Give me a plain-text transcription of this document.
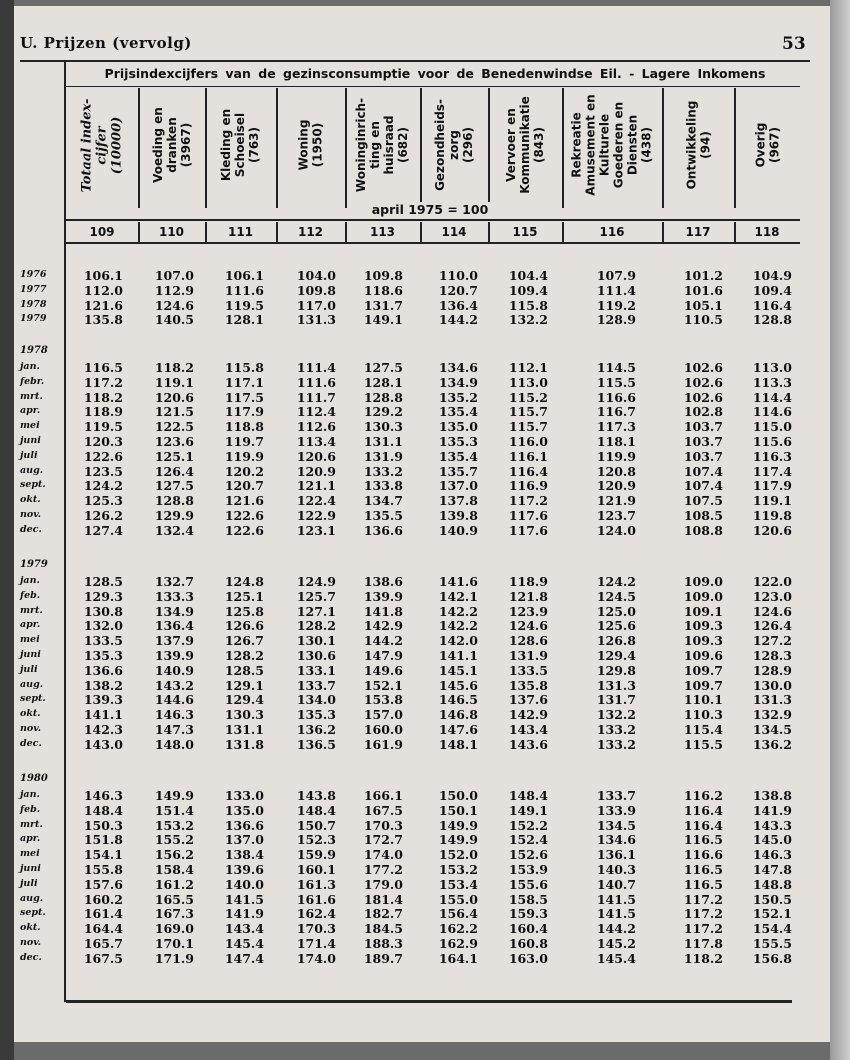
U. Prijzen (vervolg)	53
Prijsindexcijfers van de gezinsconsumptie voor de Benedenwindse Eil. - Lagere Inkomens
Totaal index-
cijfer
(10000)
109
Voeding en
dranken
(3967)
110
Kleding en
Schoeisel
(763)
111
Woning
(1950)
112
Woninginrich-
ting en
huisraad
(682)
113
Gezondheids-
zorg
(296)
114
Vervoer en
Kommunikatie
(843)
115
Rekreatie
Amusement en
Kulturele
Goederen en
Diensten
(438)
116
Ontwikkeling
(94)
117
Overig
(967)
118
april 1975 = 100
1976	106.1	107.0	106.1	104.0	109.8	110.0	104.4	107.9	101.2	104.9
1977	112.0	112.9	111.6	109.8	118.6	120.7	109.4	111.4	101.6	109.4
1978	121.6	124.6	119.5	117.0	131.7	136.4	115.8	119.2	105.1	116.4
1979	135.8	140.5	128.1	131.3	149.1	144.2	132.2	128.9	110.5	128.8
1978
jan.	116.5	118.2	115.8	111.4	127.5	134.6	112.1	114.5	102.6	113.0
febr.	117.2	119.1	117.1	111.6	128.1	134.9	113.0	115.5	102.6	113.3
mrt.	118.2	120.6	117.5	111.7	128.8	135.2	115.2	116.6	102.6	114.4
apr.	118.9	121.5	117.9	112.4	129.2	135.4	115.7	116.7	102.8	114.6
mei	119.5	122.5	118.8	112.6	130.3	135.0	115.7	117.3	103.7	115.0
juni	120.3	123.6	119.7	113.4	131.1	135.3	116.0	118.1	103.7	115.6
juli	122.6	125.1	119.9	120.6	131.9	135.4	116.1	119.9	103.7	116.3
aug.	123.5	126.4	120.2	120.9	133.2	135.7	116.4	120.8	107.4	117.4
sept.	124.2	127.5	120.7	121.1	133.8	137.0	116.9	120.9	107.4	117.9
okt.	125.3	128.8	121.6	122.4	134.7	137.8	117.2	121.9	107.5	119.1
nov.	126.2	129.9	122.6	122.9	135.5	139.8	117.6	123.7	108.5	119.8
dec.	127.4	132.4	122.6	123.1	136.6	140.9	117.6	124.0	108.8	120.6
1979
jan.	128.5	132.7	124.8	124.9	138.6	141.6	118.9	124.2	109.0	122.0
feb.	129.3	133.3	125.1	125.7	139.9	142.1	121.8	124.5	109.0	123.0
mrt.	130.8	134.9	125.8	127.1	141.8	142.2	123.9	125.0	109.1	124.6
apr.	132.0	136.4	126.6	128.2	142.9	142.2	124.6	125.6	109.3	126.4
mei	133.5	137.9	126.7	130.1	144.2	142.0	128.6	126.8	109.3	127.2
juni	135.3	139.9	128.2	130.6	147.9	141.1	131.9	129.4	109.6	128.3
juli	136.6	140.9	128.5	133.1	149.6	145.1	133.5	129.8	109.7	128.9
aug.	138.2	143.2	129.1	133.7	152.1	145.6	135.8	131.3	109.7	130.0
sept.	139.3	144.6	129.4	134.0	153.8	146.5	137.6	131.7	110.1	131.3
okt.	141.1	146.3	130.3	135.3	157.0	146.8	142.9	132.2	110.3	132.9
nov.	142.3	147.3	131.1	136.2	160.0	147.6	143.4	133.2	115.4	134.5
dec.	143.0	148.0	131.8	136.5	161.9	148.1	143.6	133.2	115.5	136.2
1980
jan.	146.3	149.9	133.0	143.8	166.1	150.0	148.4	133.7	116.2	138.8
feb.	148.4	151.4	135.0	148.4	167.5	150.1	149.1	133.9	116.4	141.9
mrt.	150.3	153.2	136.6	150.7	170.3	149.9	152.2	134.5	116.4	143.3
apr.	151.8	155.2	137.0	152.3	172.7	149.9	152.4	134.6	116.5	145.0
mei	154.1	156.2	138.4	159.9	174.0	152.0	152.6	136.1	116.6	146.3
juni	155.8	158.4	139.6	160.1	177.2	153.2	153.9	140.3	116.5	147.8
juli	157.6	161.2	140.0	161.3	179.0	153.4	155.6	140.7	116.5	148.8
aug.	160.2	165.5	141.5	161.6	181.4	155.0	158.5	141.5	117.2	150.5
sept.	161.4	167.3	141.9	162.4	182.7	156.4	159.3	141.5	117.2	152.1
okt.	164.4	169.0	143.4	170.3	184.5	162.2	160.4	144.2	117.2	154.4
nov.	165.7	170.1	145.4	171.4	188.3	162.9	160.8	145.2	117.8	155.5
dec.	167.5	171.9	147.4	174.0	189.7	164.1	163.0	145.4	118.2	156.8
